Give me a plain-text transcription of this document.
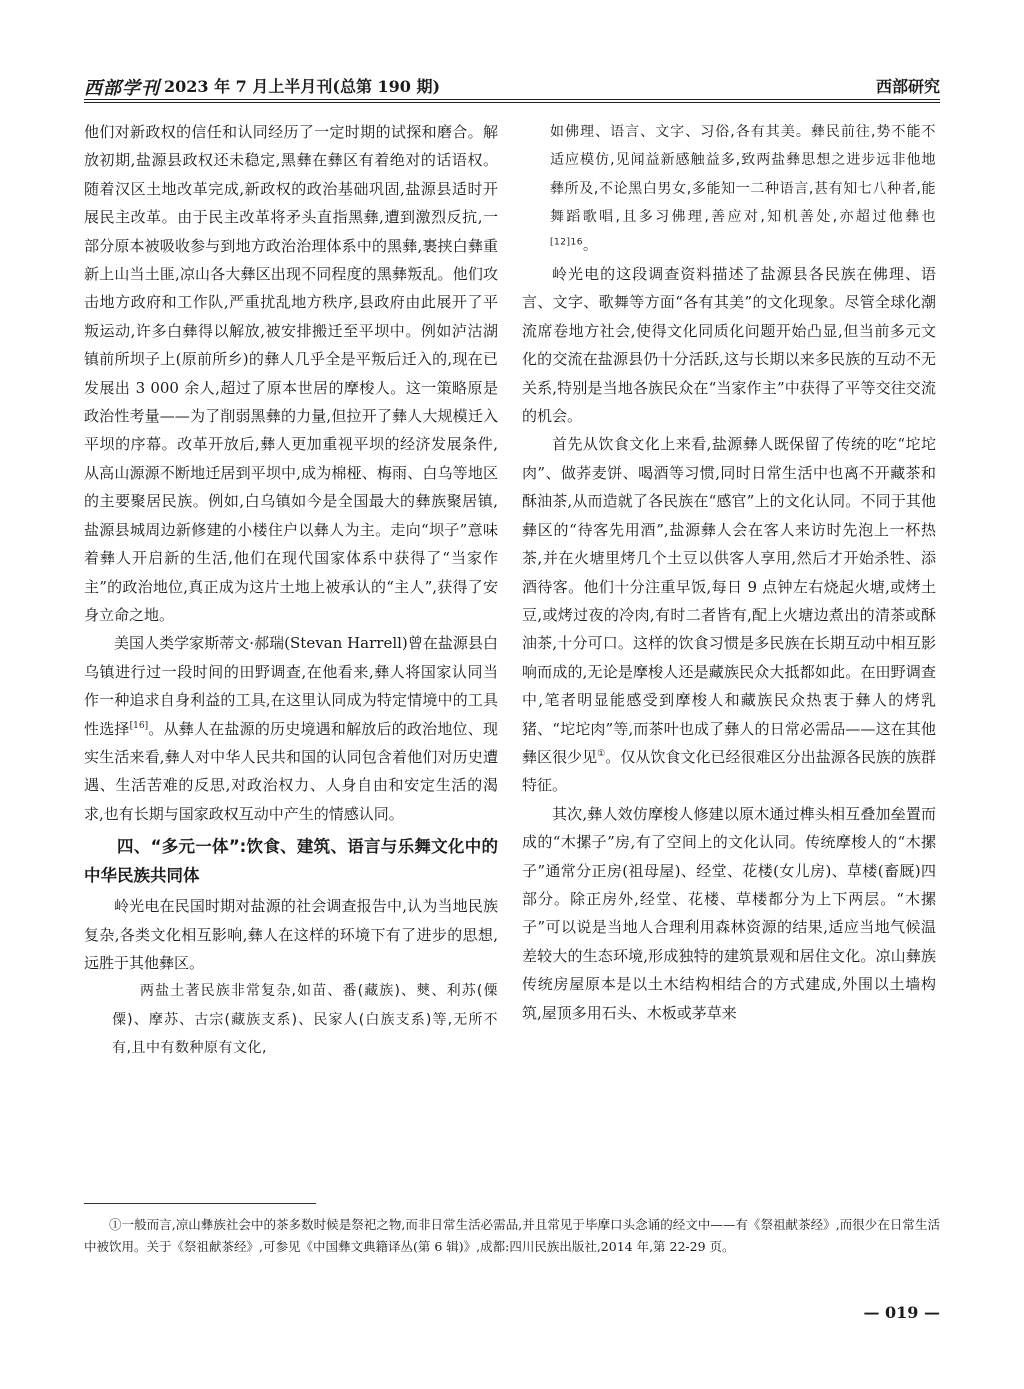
西部学刊 2023 年 7 月上半月刊(总第 190 期)	西部研究

他们对新政权的信任和认同经历了一定时期的试探和磨合。解放初期,盐源县政权还未稳定,黑彝在彝区有着绝对的话语权。随着汉区土地改革完成,新政权的政治基础巩固,盐源县适时开展民主改革。由于民主改革将矛头直指黑彝,遭到激烈反抗,一部分原本被吸收参与到地方政治治理体系中的黑彝,裹挟白彝重新上山当土匪,凉山各大彝区出现不同程度的黑彝叛乱。他们攻击地方政府和工作队,严重扰乱地方秩序,县政府由此展开了平叛运动,许多白彝得以解放,被安排搬迁至平坝中。例如泸沽湖镇前所坝子上(原前所乡)的彝人几乎全是平叛后迁入的,现在已发展出 3 000 余人,超过了原本世居的摩梭人。这一策略原是政治性考量——为了削弱黑彝的力量,但拉开了彝人大规模迁入平坝的序幕。改革开放后,彝人更加重视平坝的经济发展条件,从高山源源不断地迁居到平坝中,成为棉桠、梅雨、白乌等地区的主要聚居民族。例如,白乌镇如今是全国最大的彝族聚居镇,盐源县城周边新修建的小楼住户以彝人为主。走向“坝子”意味着彝人开启新的生活,他们在现代国家体系中获得了“当家作主”的政治地位,真正成为这片土地上被承认的“主人”,获得了安身立命之地。

美国人类学家斯蒂文·郝瑞(Stevan Harrell)曾在盐源县白乌镇进行过一段时间的田野调查,在他看来,彝人将国家认同当作一种追求自身利益的工具,在这里认同成为特定情境中的工具性选择[16]。从彝人在盐源的历史境遇和解放后的政治地位、现实生活来看,彝人对中华人民共和国的认同包含着他们对历史遭遇、生活苦难的反思,对政治权力、人身自由和安定生活的渴求,也有长期与国家政权互动中产生的情感认同。

四、“多元一体”:饮食、建筑、语言与乐舞文化中的中华民族共同体

岭光电在民国时期对盐源的社会调查报告中,认为当地民族复杂,各类文化相互影响,彝人在这样的环境下有了进步的思想,远胜于其他彝区。

两盐土著民族非常复杂,如苗、番(藏族)、僰、利苏(傈僳)、摩苏、古宗(藏族支系)、民家人(白族支系)等,无所不有,且中有数种原有文化,

如佛理、语言、文字、习俗,各有其美。彝民前往,势不能不适应模仿,见闻益新感触益多,致两盐彝思想之进步远非他地彝所及,不论黑白男女,多能知一二种语言,甚有知七八种者,能舞蹈歌唱,且多习佛理,善应对,知机善处,亦超过他彝也$^{[12]16}$。

岭光电的这段调查资料描述了盐源县各民族在佛理、语言、文字、歌舞等方面“各有其美”的文化现象。尽管全球化潮流席卷地方社会,使得文化同质化问题开始凸显,但当前多元文化的交流在盐源县仍十分活跃,这与长期以来多民族的互动不无关系,特别是当地各族民众在“当家作主”中获得了平等交往交流的机会。

首先从饮食文化上来看,盐源彝人既保留了传统的吃“坨坨肉”、做荞麦饼、喝酒等习惯,同时日常生活中也离不开藏茶和酥油茶,从而造就了各民族在“感官”上的文化认同。不同于其他彝区的“待客先用酒”,盐源彝人会在客人来访时先泡上一杯热茶,并在火塘里烤几个土豆以供客人享用,然后才开始杀牲、添酒待客。他们十分注重早饭,每日 9 点钟左右烧起火塘,或烤土豆,或烤过夜的冷肉,有时二者皆有,配上火塘边煮出的清茶或酥油茶,十分可口。这样的饮食习惯是多民族在长期互动中相互影响而成的,无论是摩梭人还是藏族民众大抵都如此。在田野调查中,笔者明显能感受到摩梭人和藏族民众热衷于彝人的烤乳猪、“坨坨肉”等,而茶叶也成了彝人的日常必需品——这在其他彝区很少见①。仅从饮食文化已经很难区分出盐源各民族的族群特征。

其次,彝人效仿摩梭人修建以原木通过榫头相互叠加垒置而成的“木摞子”房,有了空间上的文化认同。传统摩梭人的“木摞子”通常分正房(祖母屋)、经堂、花楼(女儿房)、草楼(畜厩)四部分。除正房外,经堂、花楼、草楼都分为上下两层。“木摞子”可以说是当地人合理利用森林资源的结果,适应当地气候温差较大的生态环境,形成独特的建筑景观和居住文化。凉山彝族传统房屋原本是以土木结构相结合的方式建成,外围以土墙构筑,屋顶多用石头、木板或茅草来

①一般而言,凉山彝族社会中的茶多数时候是祭祀之物,而非日常生活必需品,并且常见于毕摩口头念诵的经文中——有《祭祖献茶经》,而很少在日常生活中被饮用。关于《祭祖献茶经》,可参见《中国彝文典籍译丛(第 6 辑)》,成都:四川民族出版社,2014 年,第 22-29 页。

— 019 —
